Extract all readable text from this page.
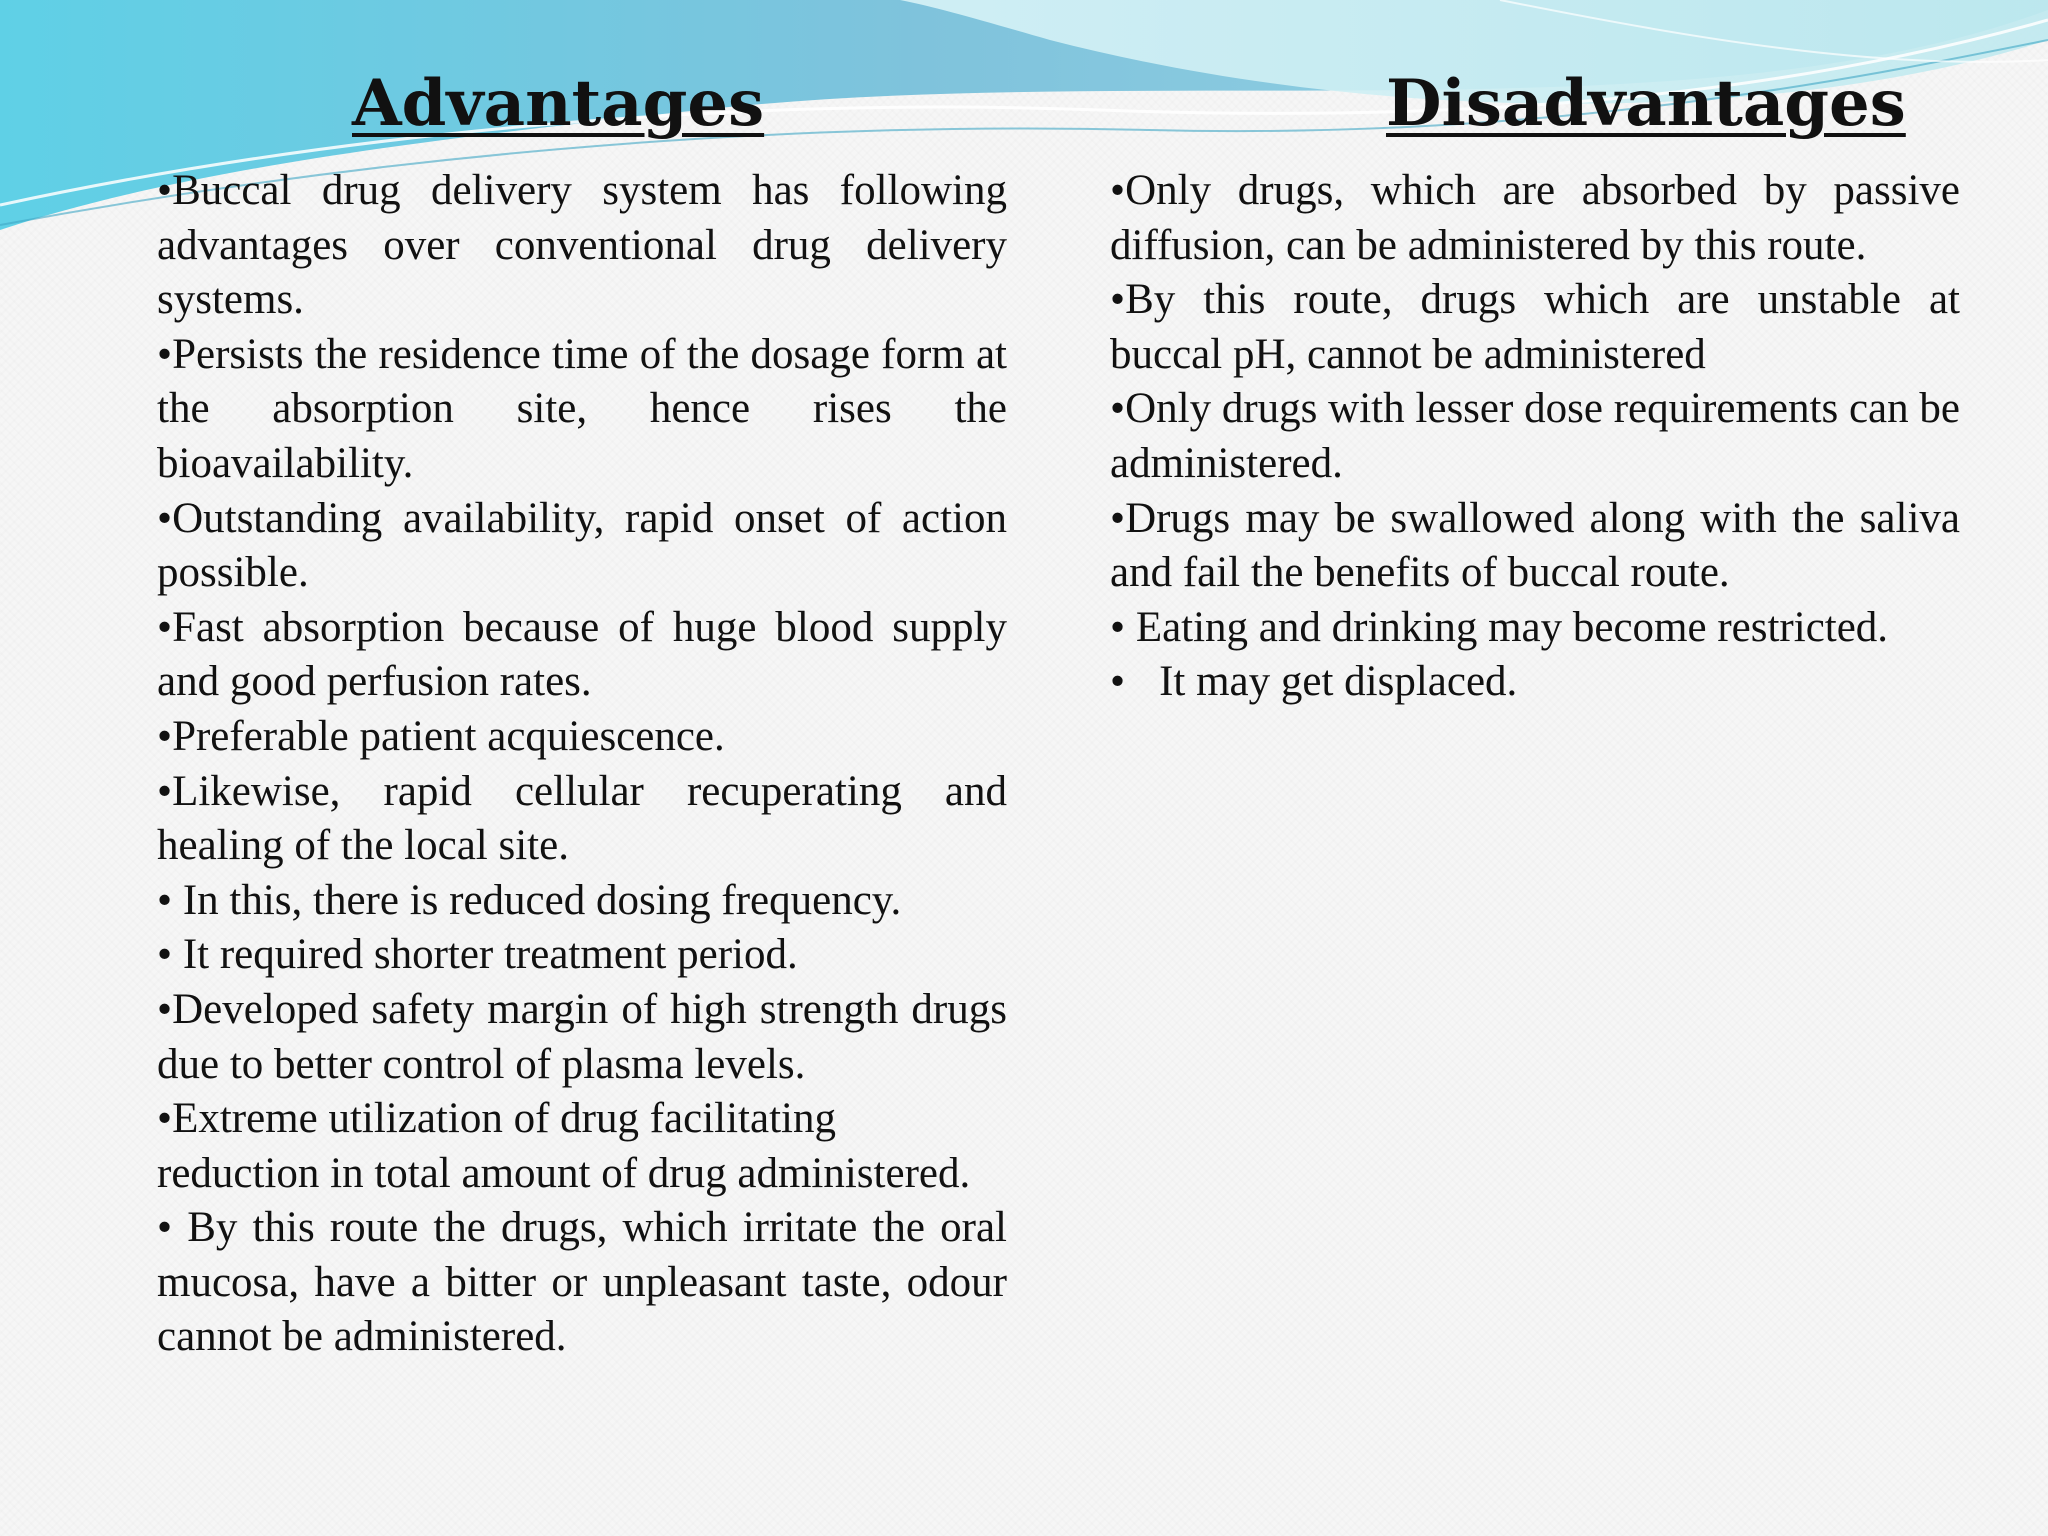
Advantages	Disadvantages
•Buccal drug delivery system has following advantages over conventional drug delivery systems.
•Persists the residence time of the dosage form at the absorption site, hence rises the bioavailability.
•Outstanding availability, rapid onset of action possible.
•Fast absorption because of huge blood supply and good perfusion rates.
•Preferable patient acquiescence.
•Likewise, rapid cellular recuperating and healing of the local site.
• In this, there is reduced dosing frequency.
• It required shorter treatment period.
•Developed safety margin of high strength drugs due to better control of plasma levels.
•Extreme utilization of drug facilitating reduction in total amount of drug administered.
• By this route the drugs, which irritate the oral mucosa, have a bitter or unpleasant taste, odour cannot be administered.
•Only drugs, which are absorbed by passive diffusion, can be administered by this route.
•By this route, drugs which are unstable at buccal pH, cannot be administered
•Only drugs with lesser dose requirements can be administered.
•Drugs may be swallowed along with the saliva and fail the benefits of buccal route.
• Eating and drinking may become restricted.
• It may get displaced.
